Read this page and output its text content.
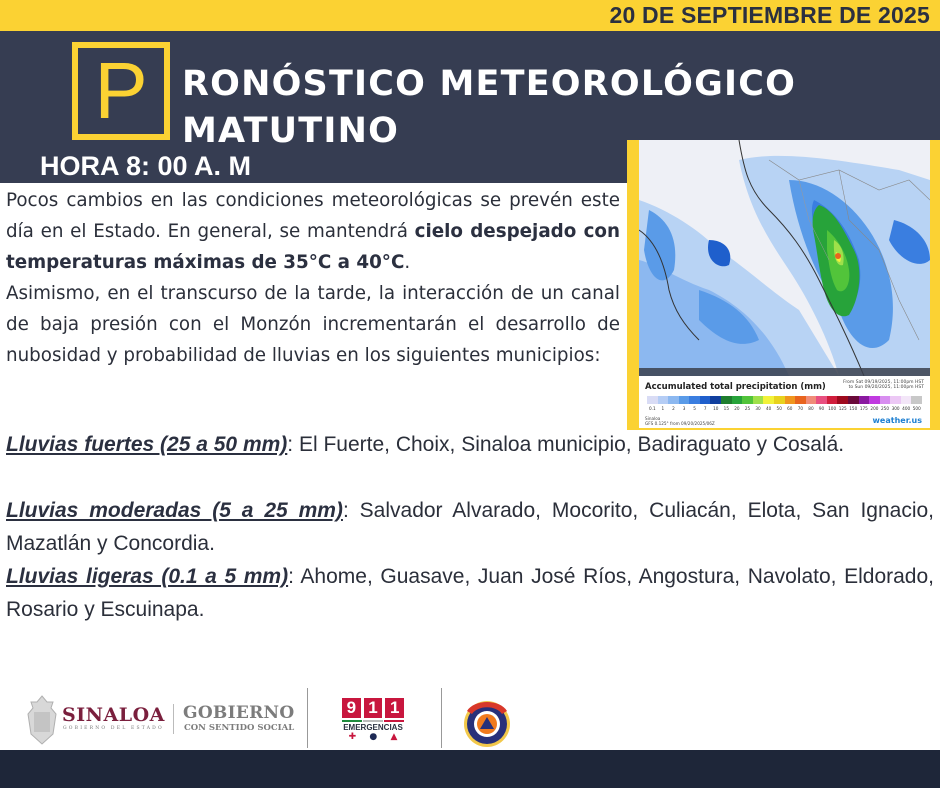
20 DE SEPTIEMBRE DE 2025
P RONÓSTICO METEOROLÓGICO
MATUTINO
HORA 8: 00 A. M
Accumulated total precipitation (mm)	From Sat 09/19/2025, 11:00pm HST
to Sun 09/20/2025, 11:00pm HST
0.1	1	2	3	5	7	10	15	20	25	30	40	50	60	70	80	90 100 125 150 175 200 250 300 400 500
Sinaloa
GFS 0.125° from 09/20/2025/06Z	weather.us
Pocos cambios en las condiciones meteorológicas se prevén este día en el Estado. En general, se mantendrá cielo despejado con temperaturas máximas de 35°C a 40°C.
Asimismo, en el transcurso de la tarde, la interacción de un canal de baja presión con el Monzón incrementarán el desarrollo de nubosidad y probabilidad de lluvias en los siguientes municipios:
Lluvias fuertes (25 a 50 mm): El Fuerte, Choix, Sinaloa municipio, Badiraguato y Cosalá.
Lluvias moderadas (5 a 25 mm): Salvador Alvarado, Mocorito, Culiacán, Elota, San Ignacio, Mazatlán y Concordia.
Lluvias ligeras (0.1 a 5 mm): Ahome, Guasave, Juan José Ríos, Angostura, Navolato, Eldorado, Rosario y Escuinapa.
SINALOA
GOBIERNO DEL ESTADO
GOBIERNO
CON SENTIDO SOCIAL
9 1 1
EMERGENCIAS
✚ ● ▲
